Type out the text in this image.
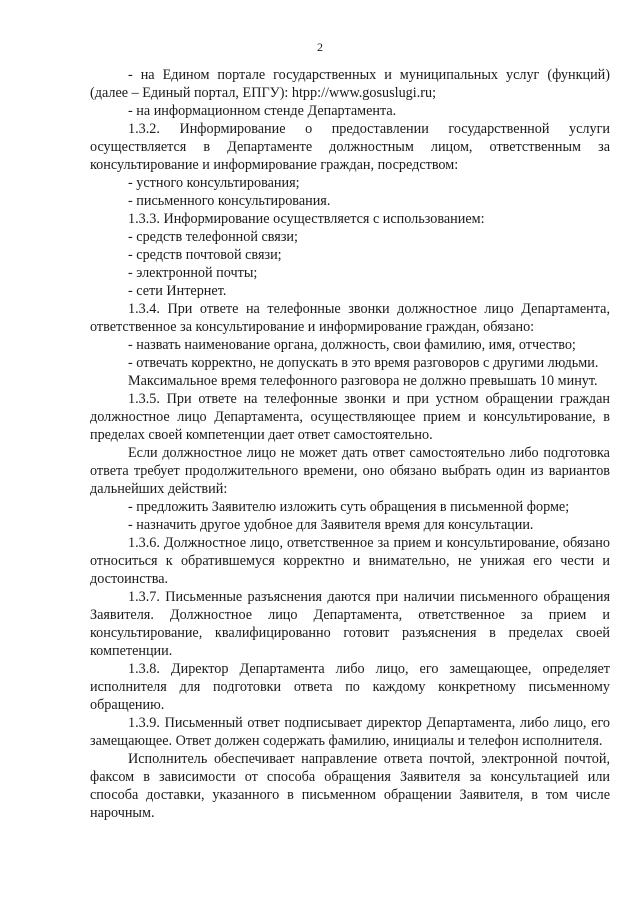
2

- на Едином портале государственных и муниципальных услуг (функций) (далее – Единый портал, ЕПГУ): htpp://www.gosuslugi.ru;

- на информационном стенде Департамента.

1.3.2. Информирование о предоставлении государственной услуги осуществляется в Департаменте должностным лицом, ответственным за консультирование и информирование граждан, посредством:

- устного консультирования;

- письменного консультирования.

1.3.3. Информирование осуществляется с использованием:

- средств телефонной связи;

- средств почтовой связи;

- электронной почты;

- сети Интернет.

1.3.4. При ответе на телефонные звонки должностное лицо Департамента, ответственное за консультирование и информирование граждан, обязано:

- назвать наименование органа, должность, свои фамилию, имя, отчество;

- отвечать корректно, не допускать в это время разговоров с другими людьми.

Максимальное время телефонного разговора не должно превышать 10 минут.

1.3.5. При ответе на телефонные звонки и при устном обращении граждан должностное лицо Департамента, осуществляющее прием и консультирование, в пределах своей компетенции дает ответ самостоятельно.

Если должностное лицо не может дать ответ самостоятельно либо подготовка ответа требует продолжительного времени, оно обязано выбрать один из вариантов дальнейших действий:

- предложить Заявителю изложить суть обращения в письменной форме;

- назначить другое удобное для Заявителя время для консультации.

1.3.6. Должностное лицо, ответственное за прием и консультирование, обязано относиться к обратившемуся корректно и внимательно, не унижая его чести и достоинства.

1.3.7. Письменные разъяснения даются при наличии письменного обращения Заявителя. Должностное лицо Департамента, ответственное за прием и консультирование, квалифицированно готовит разъяснения в пределах своей компетенции.

1.3.8. Директор Департамента либо лицо, его замещающее, определяет исполнителя для подготовки ответа по каждому конкретному письменному обращению.

1.3.9. Письменный ответ подписывает директор Департамента, либо лицо, его замещающее. Ответ должен содержать фамилию, инициалы и телефон исполнителя.

Исполнитель обеспечивает направление ответа почтой, электронной почтой, факсом в зависимости от способа обращения Заявителя за консультацией или способа доставки, указанного в письменном обращении Заявителя, в том числе нарочным.
